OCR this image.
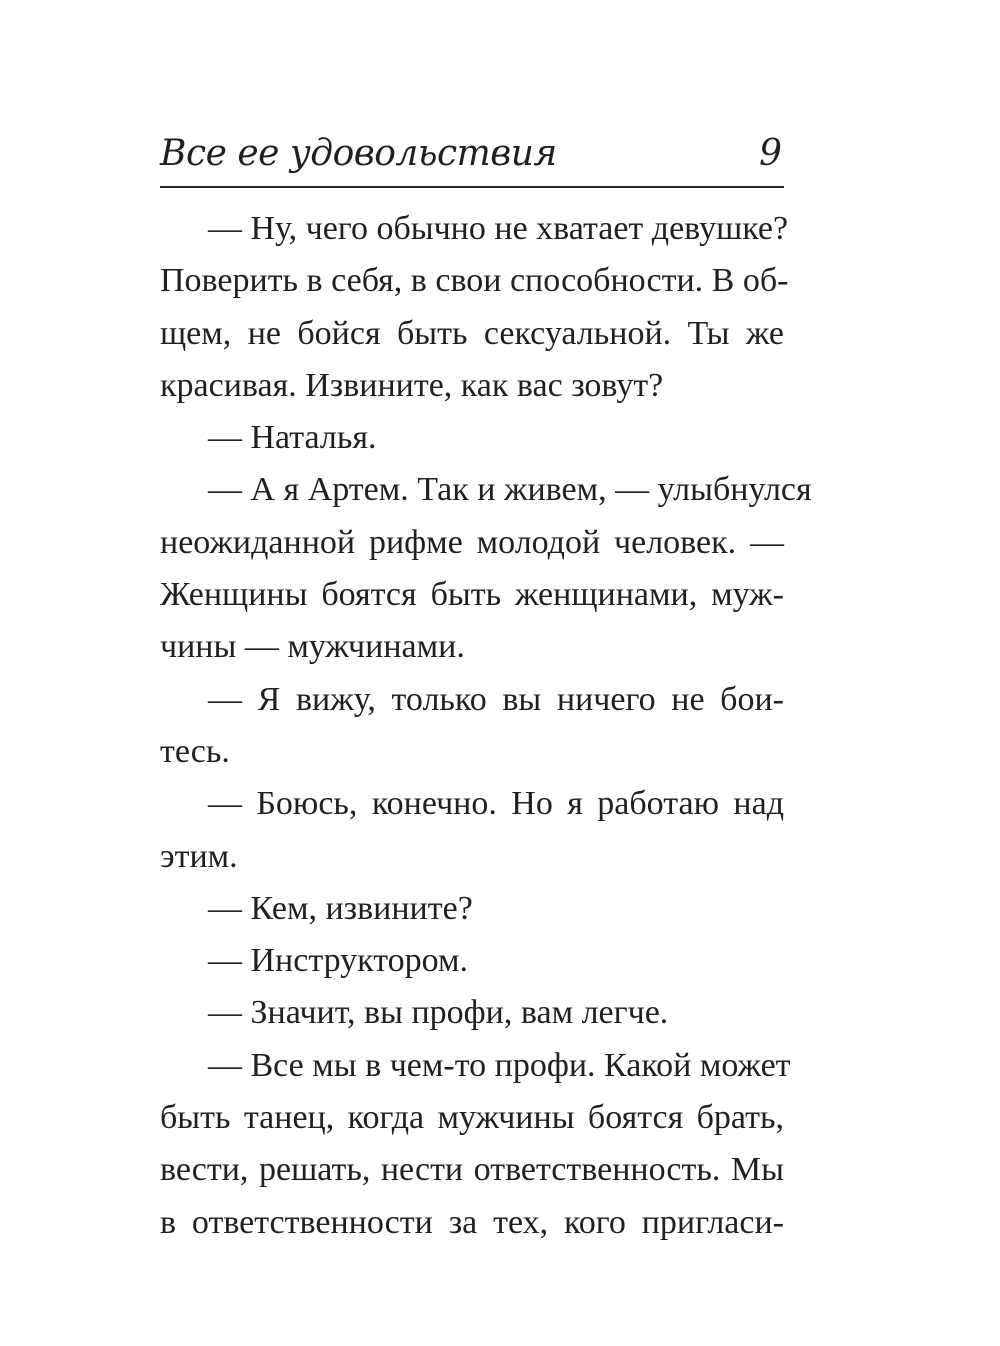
Все ее удовольствия	9
— Ну, чего обычно не хватает девушке?
Поверить в себя, в свои способности. В об-
щем, не бойся быть сексуальной. Ты же
красивая. Извините, как вас зовут?
— Наталья.
— А я Артем. Так и живем, — улыбнулся
неожиданной рифме молодой человек. —
Женщины боятся быть женщинами, муж-
чины — мужчинами.
— Я вижу, только вы ничего не бои-
тесь.
— Боюсь, конечно. Но я работаю над
этим.
— Кем, извините?
— Инструктором.
— Значит, вы профи, вам легче.
— Все мы в чем-то профи. Какой может
быть танец, когда мужчины боятся брать,
вести, решать, нести ответственность. Мы
в ответственности за тех, кого пригласи-
